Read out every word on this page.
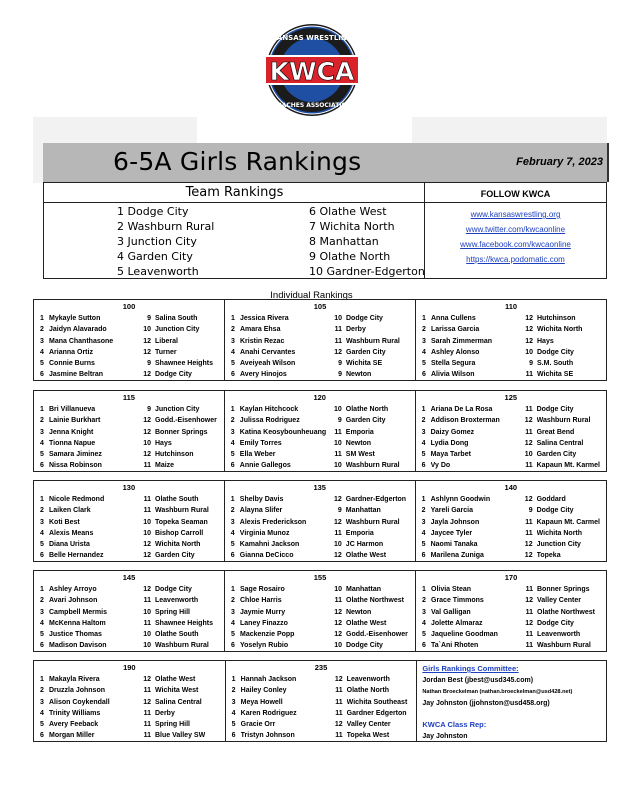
KWCA
KANSAS WRESTLING
COACHES ASSOCIATION
6-5A Girls Rankings	February 7, 2023
Team Rankings
1 Dodge City
2 Washburn Rural
3 Junction City
4 Garden City
5 Leavenworth
6 Olathe West
7 Wichita North
8 Manhattan
9 Olathe North
10 Gardner-Edgerton
FOLLOW KWCA
www.kansaswrestling.org
www.twitter.com/kwcaonline
www.facebook.com/kwcaonline
https://kwca.podomatic.com
Individual Rankings
100
1 Mykayle Sutton	9 Salina South
2 Jaidyn Alavarado	10 Junction City
3 Mana Chanthasone	12 Liberal
4 Arianna Ortiz	12 Turner
5 Connie Burns	9 Shawnee Heights
6 Jasmine Beltran	12 Dodge City
105
1 Jessica Rivera	10 Dodge City
2 Amara Ehsa	11 Derby
3 Kristin Rezac	11 Washburn Rural
4 Anahi Cervantes	12 Garden City
5 Aveiyeah Wilson	9 Wichita SE
6 Avery Hinojos	9 Newton
110
1 Anna Cullens	12 Hutchinson
2 Larissa Garcia	12 Wichita North
3 Sarah Zimmerman	12 Hays
4 Ashley Alonso	10 Dodge City
5 Stella Segura	9 S.M. South
6 Alivia Wilson	11 Wichita SE
115
1 Bri Villanueva	9 Junction City
2 Lainie Burkhart	12 Godd.-Eisenhower
3 Jenna Knight	12 Bonner Springs
4 Tionna Napue	10 Hays
5 Samara Jiminez	12 Hutchinson
6 Nissa Robinson	11 Maize
120
1 Kaylan Hitchcock	10 Olathe North
2 Julissa Rodriguez	9 Garden City
3 Katina Keosybounheuang	11 Emporia
4 Emily Torres	10 Newton
5 Ella Weber	11 SM West
6 Annie Gallegos	10 Washburn Rural
125
1 Ariana De La Rosa	11 Dodge City
2 Addison Broxterman	12 Washburn Rural
3 Daizy Gomez	11 Great Bend
4 Lydia Dong	12 Salina Central
5 Maya Tarbet	10 Garden City
6 Vy Do	11 Kapaun Mt. Karmel
130
1 Nicole Redmond	11 Olathe South
2 Laiken Clark	11 Washburn Rural
3 Koti Best	10 Topeka Seaman
4 Alexis Means	10 Bishop Carroll
5 Diana Urista	12 Wichita North
6 Belle Hernandez	12 Garden City
135
1 Shelby Davis	12 Gardner-Edgerton
2 Alayna Slifer	9 Manhattan
3 Alexis Frederickson	12 Washburn Rural
4 Virginia Munoz	11 Emporia
5 Kamahni Jackson	10 JC Harmon
6 Gianna DeCicco	12 Olathe West
140
1 Ashlynn Goodwin	12 Goddard
2 Yareli Garcia	9 Dodge City
3 Jayla Johnson	11 Kapaun Mt. Carmel
4 Jaycee Tyler	11 Wichita North
5 Naomi Tanaka	12 Junction City
6 Marilena Zuniga	12 Topeka
145
1 Ashley Arroyo	12 Dodge City
2 Avari Johnson	11 Leavenworth
3 Campbell Mermis	10 Spring Hill
4 McKenna Haltom	11 Shawnee Heights
5 Justice Thomas	10 Olathe South
6 Madison Davison	10 Washburn Rural
155
1 Sage Rosairo	10 Manhattan
2 Chloe Harris	11 Olathe Northwest
3 Jaymie Murry	12 Newton
4 Laney Finazzo	12 Olathe West
5 Mackenzie Popp	12 Godd.-Eisenhower
6 Yoselyn Rubio	10 Dodge City
170
1 Olivia Stean	11 Bonner Springs
2 Grace Timmons	12 Valley Center
3 Val Galligan	11 Olathe Northwest
4 Jolette Almaraz	12 Dodge City
5 Jaqueline Goodman	11 Leavenworth
6 Ta`Ani Rhoten	11 Washburn Rural
190
1 Makayla Rivera	12 Olathe West
2 Druzzla Johnson	11 Wichita West
3 Alison Coykendall	12 Salina Central
4 Trinity Williams	11 Derby
5 Avery Feeback	11 Spring Hill
6 Morgan Miller	11 Blue Valley SW
235
1 Hannah Jackson	12 Leavenworth
2 Hailey Conley	11 Olathe North
3 Meya Howell	11 Wichita Southeast
4 Karen Rodriguez	11 Gardner Edgerton
5 Gracie Orr	12 Valley Center
6 Tristyn Johnson	11 Topeka West
Girls Rankings Committee:
Jordan Best (jbest@usd345.com)
Nathan Broeckelman (nathan.broeckelman@usd428.net)
Jay Johnston (jjohnston@usd458.org)
KWCA Class Rep:
Jay Johnston
